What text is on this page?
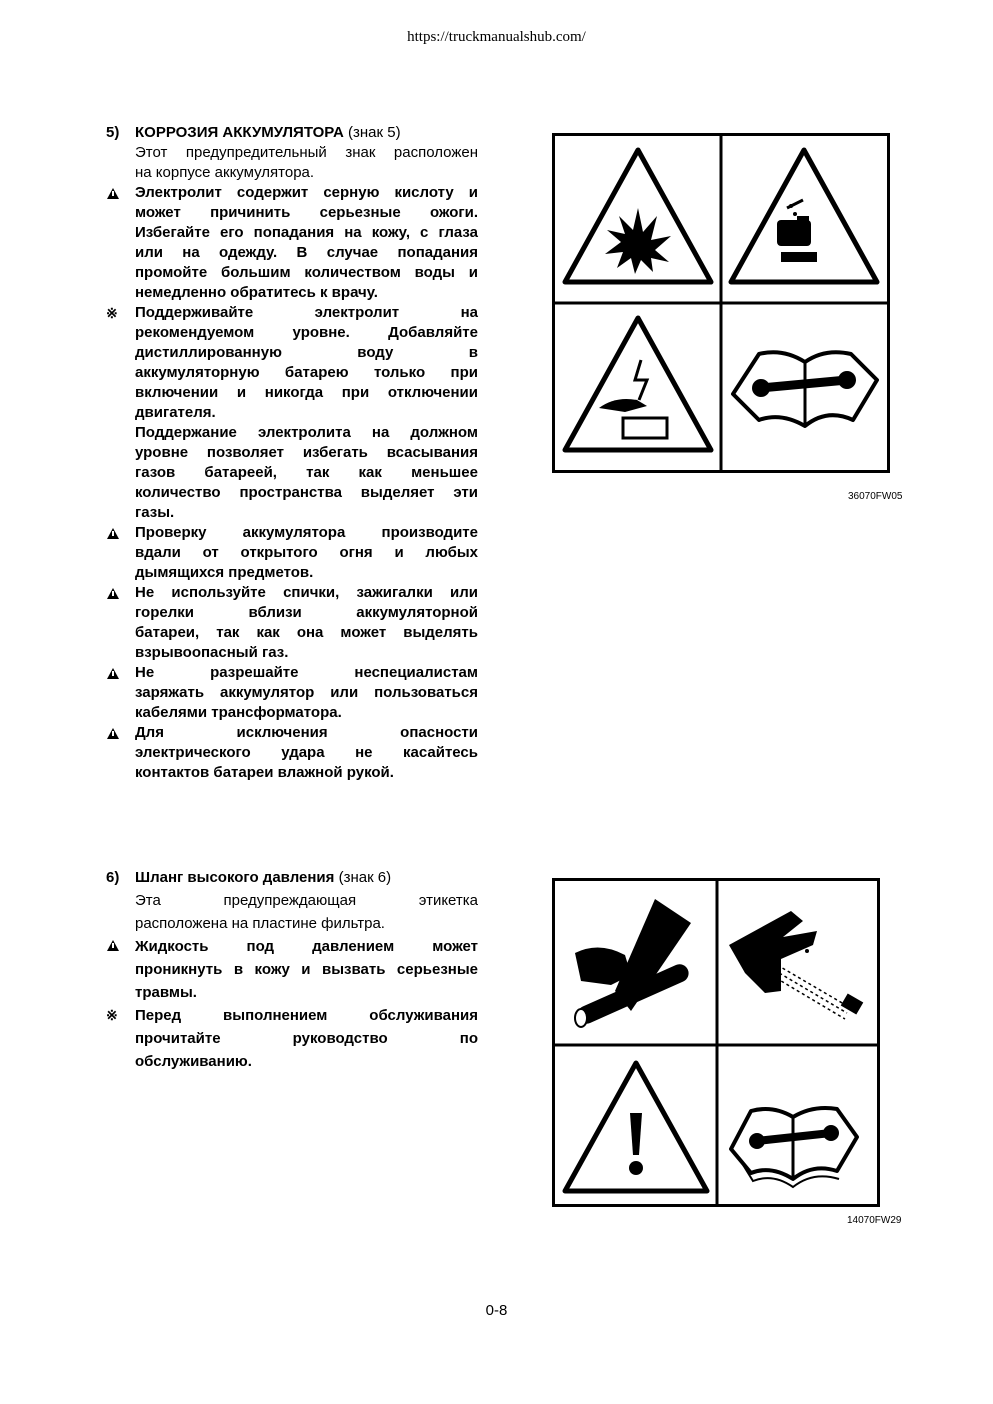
https://truckmanualshub.com/
5) КОРРОЗИЯ АККУМУЛЯТОРА (знак 5)
Этот предупредительный знак расположен
на корпусе аккумулятора.
Электролит содержит серную кислоту и
может причинить серьезные ожоги.
Избегайте его попадания на кожу, с глаза
или на одежду. В случае попадания
промойте большим количеством воды и
немедленно обратитесь к врачу.
※	Поддерживайте электролит на
рекомендуемом уровне. Добавляйте
дистиллированную воду в
аккумуляторную батарею только при
включении и никогда при отключении
двигателя.
Поддержание электролита на должном
уровне позволяет избегать всасывания
газов батареей, так как меньшее
количество пространства выделяет эти
газы.
Проверку аккумулятора производите
вдали от открытого огня и любых
дымящихся предметов.
Не используйте спички, зажигалки или
горелки вблизи аккумуляторной
батареи, так как она может выделять
взрывоопасный газ.
Не разрешайте неспециалистам
заряжать аккумулятор или пользоваться
кабелями трансформатора.
Для исключения опасности
электрического удара не касайтесь
контактов батареи влажной рукой.
6) Шланг высокого давления (знак 6)
Эта предупреждающая этикетка
расположена на пластине фильтра.
Жидкость под давлением может
проникнуть в кожу и вызвать серьезные
травмы.
※	Перед выполнением обслуживания
прочитайте руководство по
обслуживанию.
36070FW05
14070FW29
0-8
